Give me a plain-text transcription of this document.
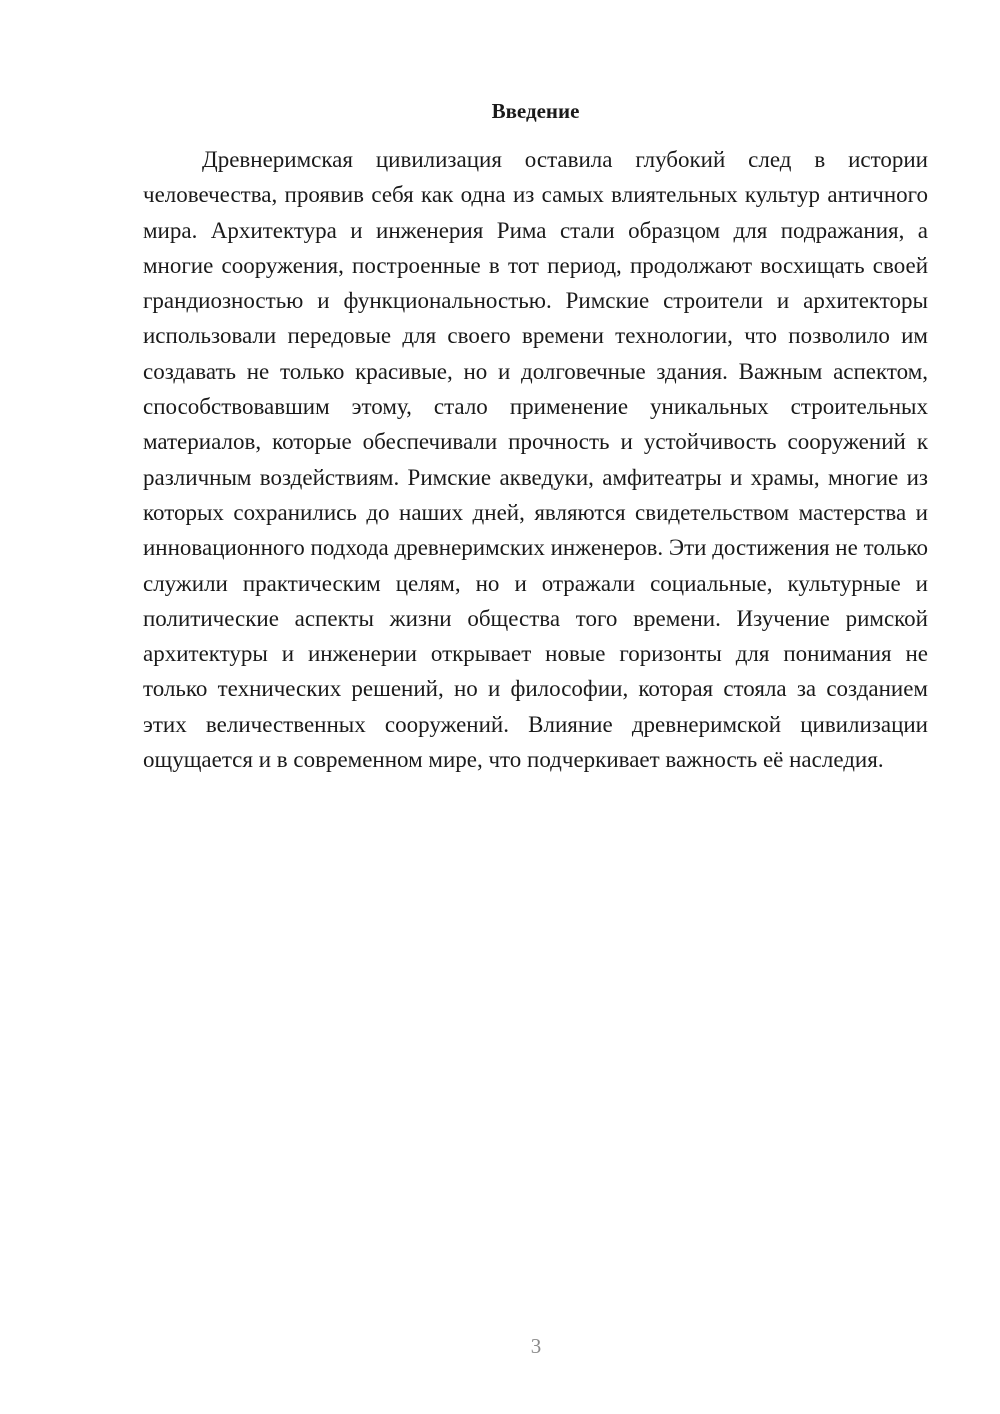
Введение

Древнеримская цивилизация оставила глубокий след в истории человечества, проявив себя как одна из самых влиятельных культур античного мира. Архитектура и инженерия Рима стали образцом для подражания, а многие сооружения, построенные в тот период, продолжают восхищать своей грандиозностью и функциональностью. Римские строители и архитекторы использовали передовые для своего времени технологии, что позволило им создавать не только красивые, но и долговечные здания. Важным аспектом, способствовавшим этому, стало применение уникальных строительных материалов, которые обеспечивали прочность и устойчивость сооружений к различным воздействиям. Римские акведуки, амфитеатры и храмы, многие из которых сохранились до наших дней, являются свидетельством мастерства и инновационного подхода древнеримских инженеров. Эти достижения не только служили практическим целям, но и отражали социальные, культурные и политические аспекты жизни общества того времени. Изучение римской архитектуры и инженерии открывает новые горизонты для понимания не только технических решений, но и философии, которая стояла за созданием этих величественных сооружений. Влияние древнеримской цивилизации ощущается и в современном мире, что подчеркивает важность её наследия.

3
